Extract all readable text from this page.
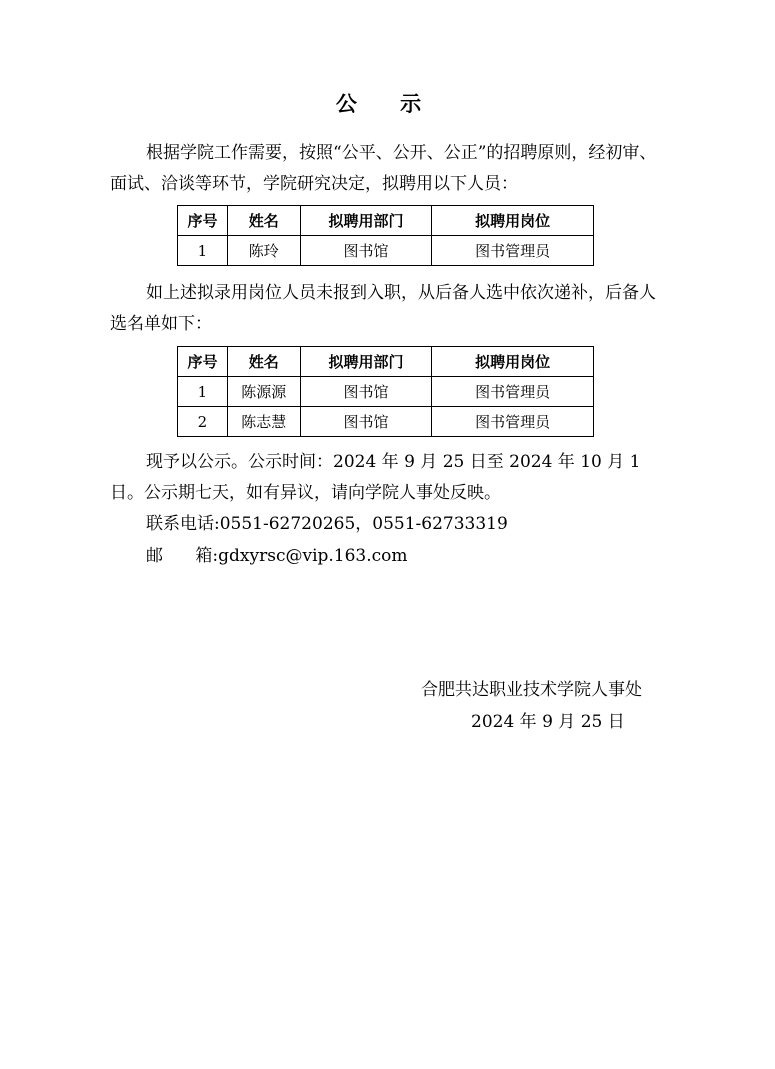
公 示
根据学院工作需要，按照“公平、公开、公正”的招聘原则，经初审、面试、洽谈等环节，学院研究决定，拟聘用以下人员：
序号	姓名	拟聘用部门	拟聘用岗位
1	陈玲	图书馆	图书管理员
如上述拟录用岗位人员未报到入职，从后备人选中依次递补，后备人选名单如下：
序号	姓名	拟聘用部门	拟聘用岗位
1	陈源源	图书馆	图书管理员
2	陈志慧	图书馆	图书管理员
现予以公示。公示时间：2024 年 9 月 25 日至 2024 年 10 月 1 日。公示期七天，如有异议，请向学院人事处反映。
联系电话:0551-62720265，0551-62733319
邮      箱:gdxyrsc@vip.163.com
合肥共达职业技术学院人事处
2024 年 9 月 25 日
